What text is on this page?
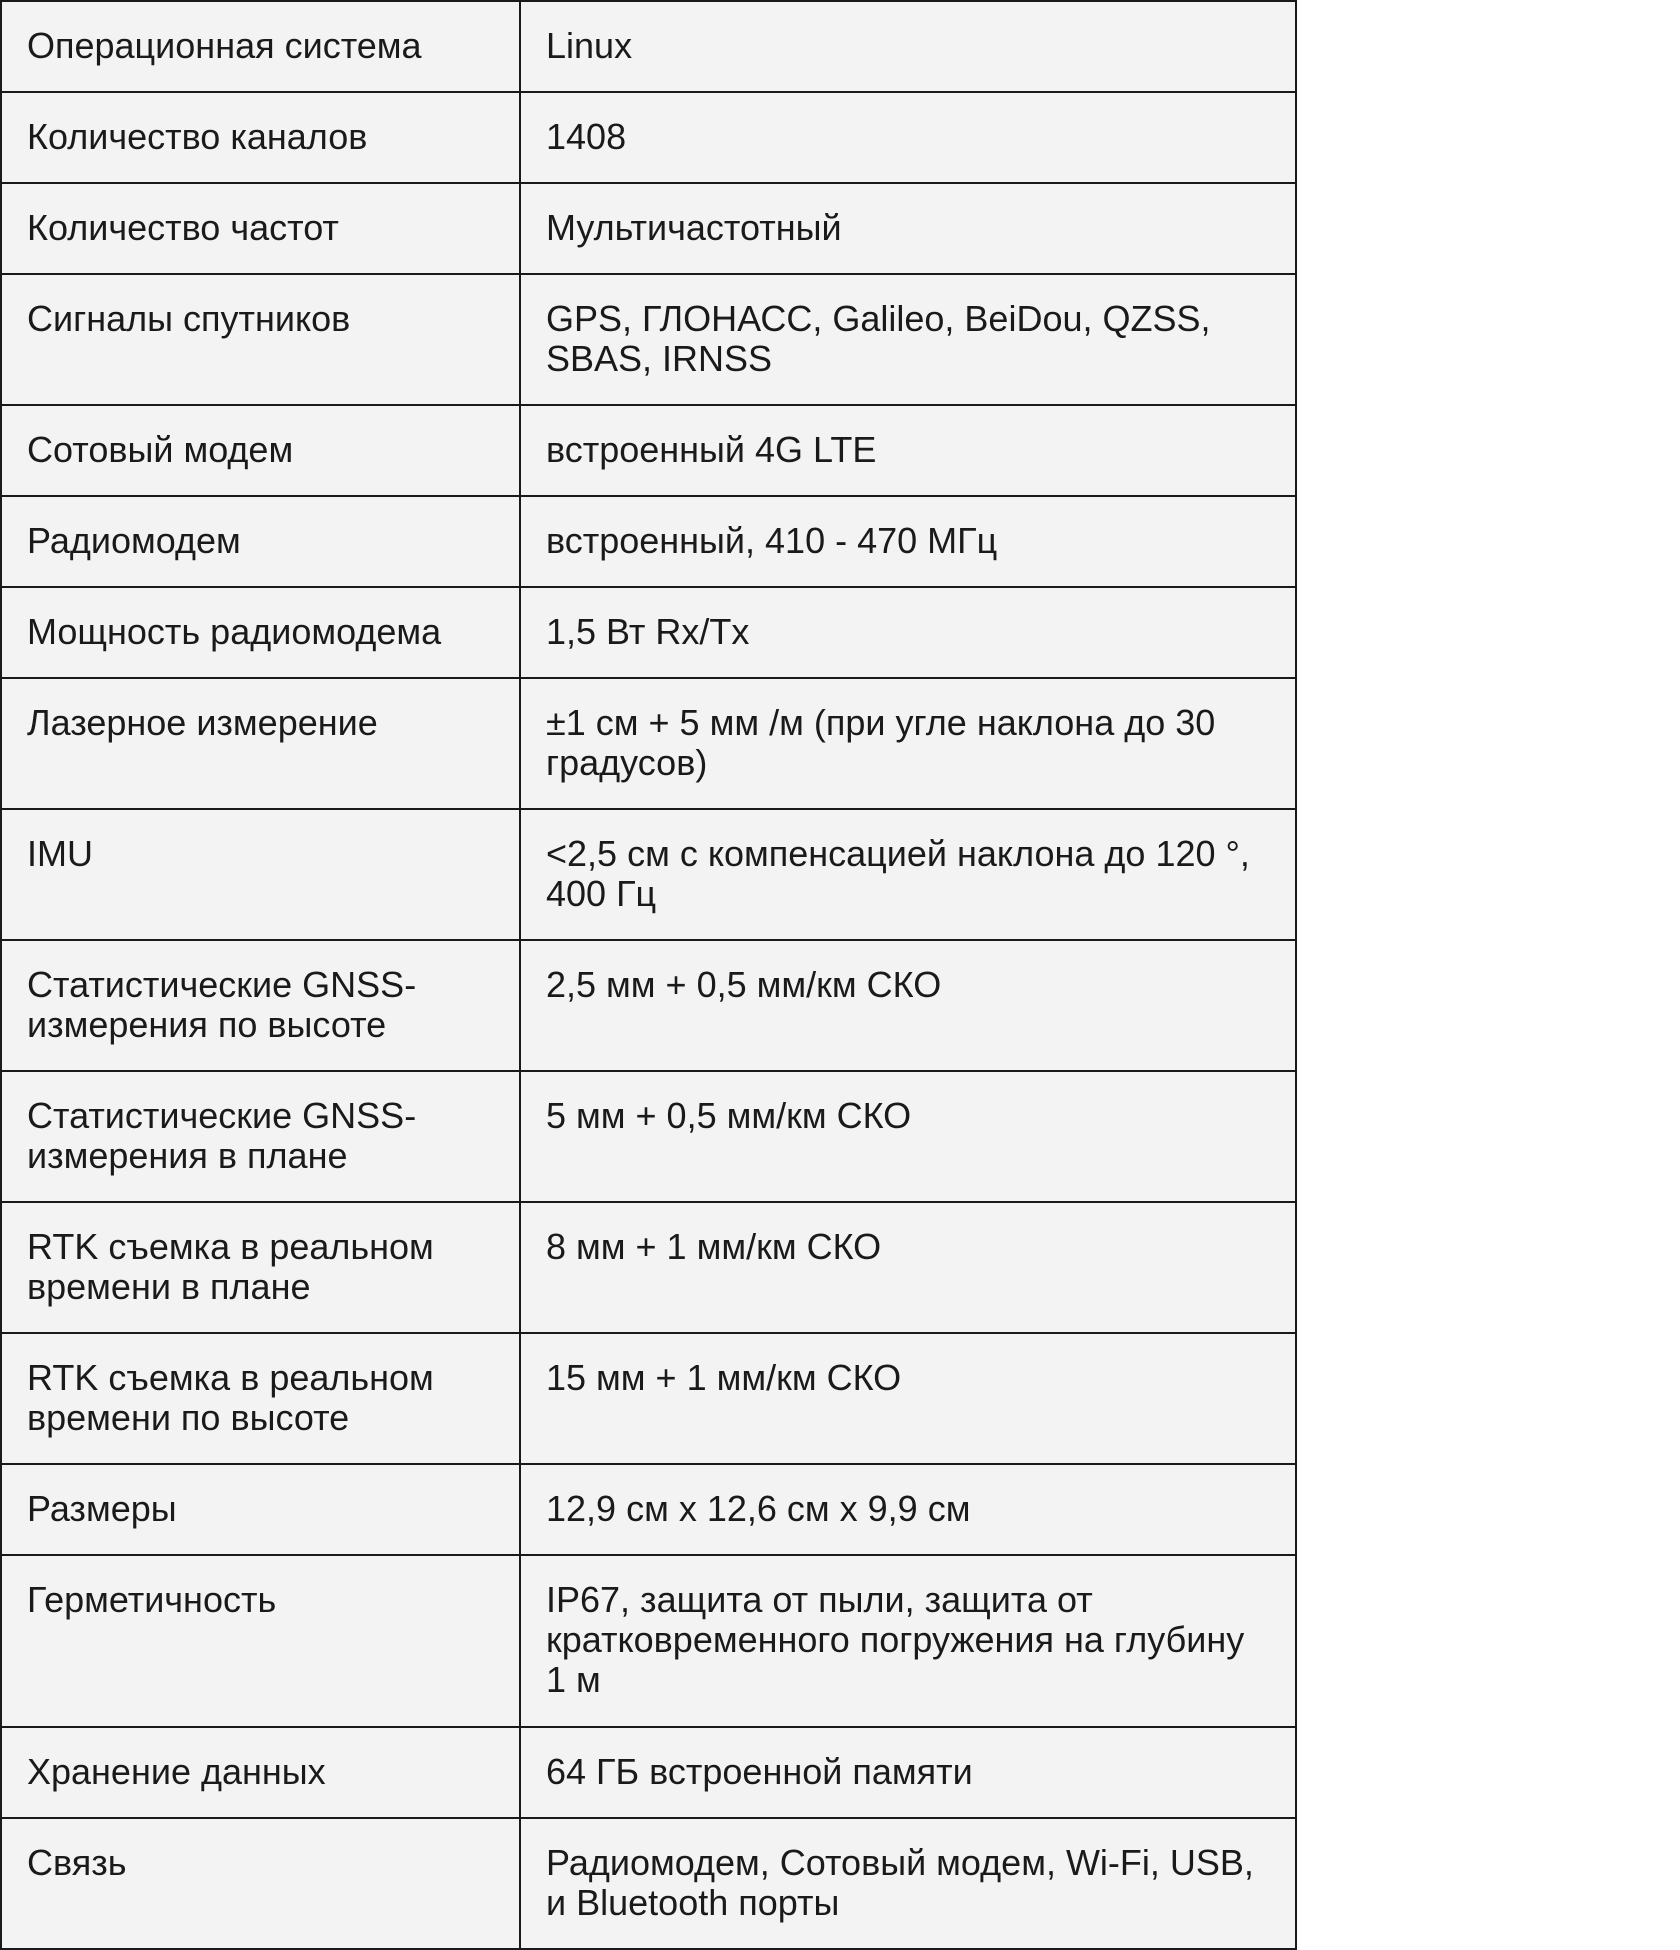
Операционная система	Linux
Количество каналов	1408
Количество частот	Мультичастотный
Сигналы спутников	GPS, ГЛОНАСС, Galileo, BeiDou, QZSS, SBAS, IRNSS
Сотовый модем	встроенный 4G LTE
Радиомодем	встроенный, 410 - 470 МГц
Мощность радиомодема	1,5 Вт Rx/Tx
Лазерное измерение	±1 см + 5 мм /м (при угле наклона до 30 градусов)
IMU	<2,5 см с компенсацией наклона до 120 °, 400 Гц
Статистические GNSS-измерения по высоте	2,5 мм + 0,5 мм/км СКО
Статистические GNSS-измерения в плане	5 мм + 0,5 мм/км СКО
RTK съемка в реальном времени в плане	8 мм + 1 мм/км СКО
RTK съемка в реальном времени по высоте	15 мм + 1 мм/км СКО
Размеры	12,9 см x 12,6 см x 9,9 см
Герметичность	IP67, защита от пыли, защита от кратковременного погружения на глубину 1 м
Хранение данных	64 ГБ встроенной памяти
Связь	Радиомодем, Сотовый модем, Wi-Fi, USB, и Bluetooth порты
